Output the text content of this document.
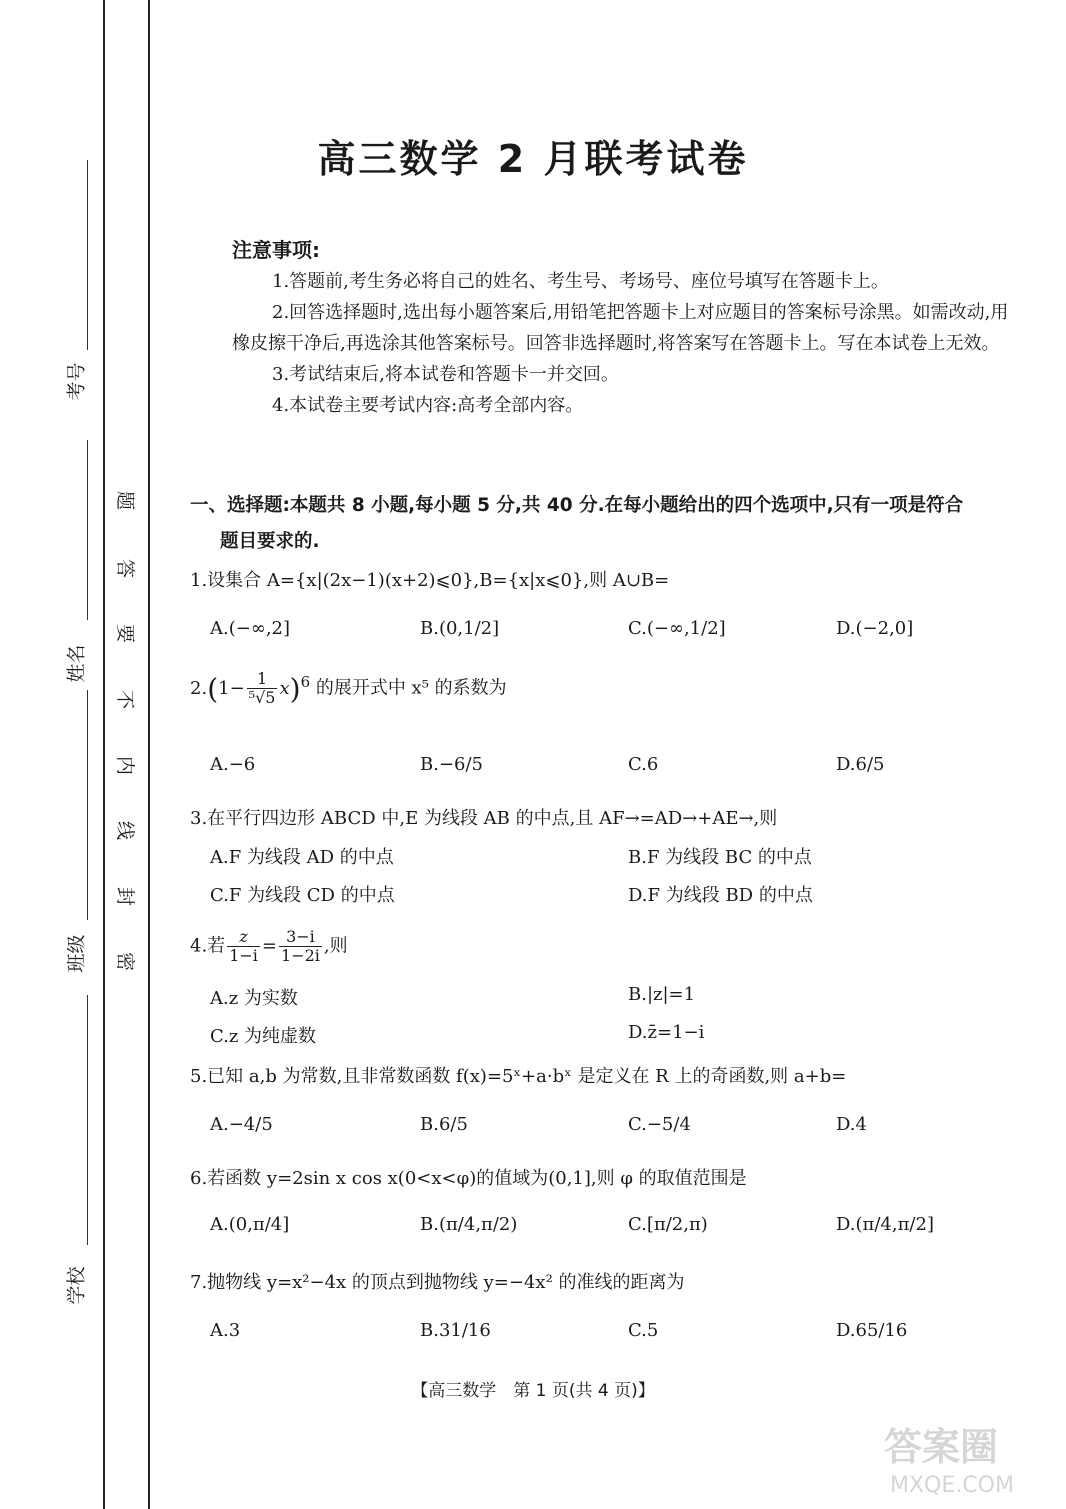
考号
姓名
班级
学校
题
答
要
不
内
线
封
密
高三数学 2 月联考试卷
注意事项:

1.答题前,考生务必将自己的姓名、考生号、考场号、座位号填写在答题卡上。

2.回答选择题时,选出每小题答案后,用铅笔把答题卡上对应题目的答案标号涂黑。如需改动,用橡皮擦干净后,再选涂其他答案标号。回答非选择题时,将答案写在答题卡上。写在本试卷上无效。

3.考试结束后,将本试卷和答题卡一并交回。

4.本试卷主要考试内容:高考全部内容。

一、选择题:本题共 8 小题,每小题 5 分,共 40 分.在每小题给出的四个选项中,只有一项是符合
题目要求的.
1.设集合 A={x|(2x−1)(x+2)⩽0},B={x|x⩽0},则 A∪B=
A.(−∞,2]	B.(0,1/2]	C.(−∞,1/2]	D.(−2,0]
$2.(1- \frac{1}{\text{⁵√5}} x)^6$ 的展开式中 x⁵ 的系数为
A.−6	B.−6/5	C.6	D.6/5
3.在平行四边形 ABCD 中,E 为线段 AB 的中点,且 AF→=AD→+AE→,则
A.F 为线段 AD 的中点	B.F 为线段 BC 的中点
C.F 为线段 CD 的中点	D.F 为线段 BD 的中点
4.若 $\frac{z}{1-i} = \frac{3-i}{1-2i}$ ,则
A.z 为实数	B.|z|=1
C.z 为纯虚数	D.z̄=1−i
5.已知 a,b 为常数,且非常数函数 f(x)=5ˣ+a·bˣ 是定义在 R 上的奇函数,则 a+b=
A.−4/5	B.6/5	C.−5/4	D.4
6.若函数 y=2sin x cos x(0<x<φ)的值域为(0,1],则 φ 的取值范围是
A.(0,π/4]	B.(π/4,π/2)	C.[π/2,π)	D.(π/4,π/2]
7.抛物线 y=x²−4x 的顶点到抛物线 y=−4x² 的准线的距离为
A.3	B.31/16	C.5	D.65/16
【高三数学　第 1 页(共 4 页)】
答案圈
MXQE.COM
